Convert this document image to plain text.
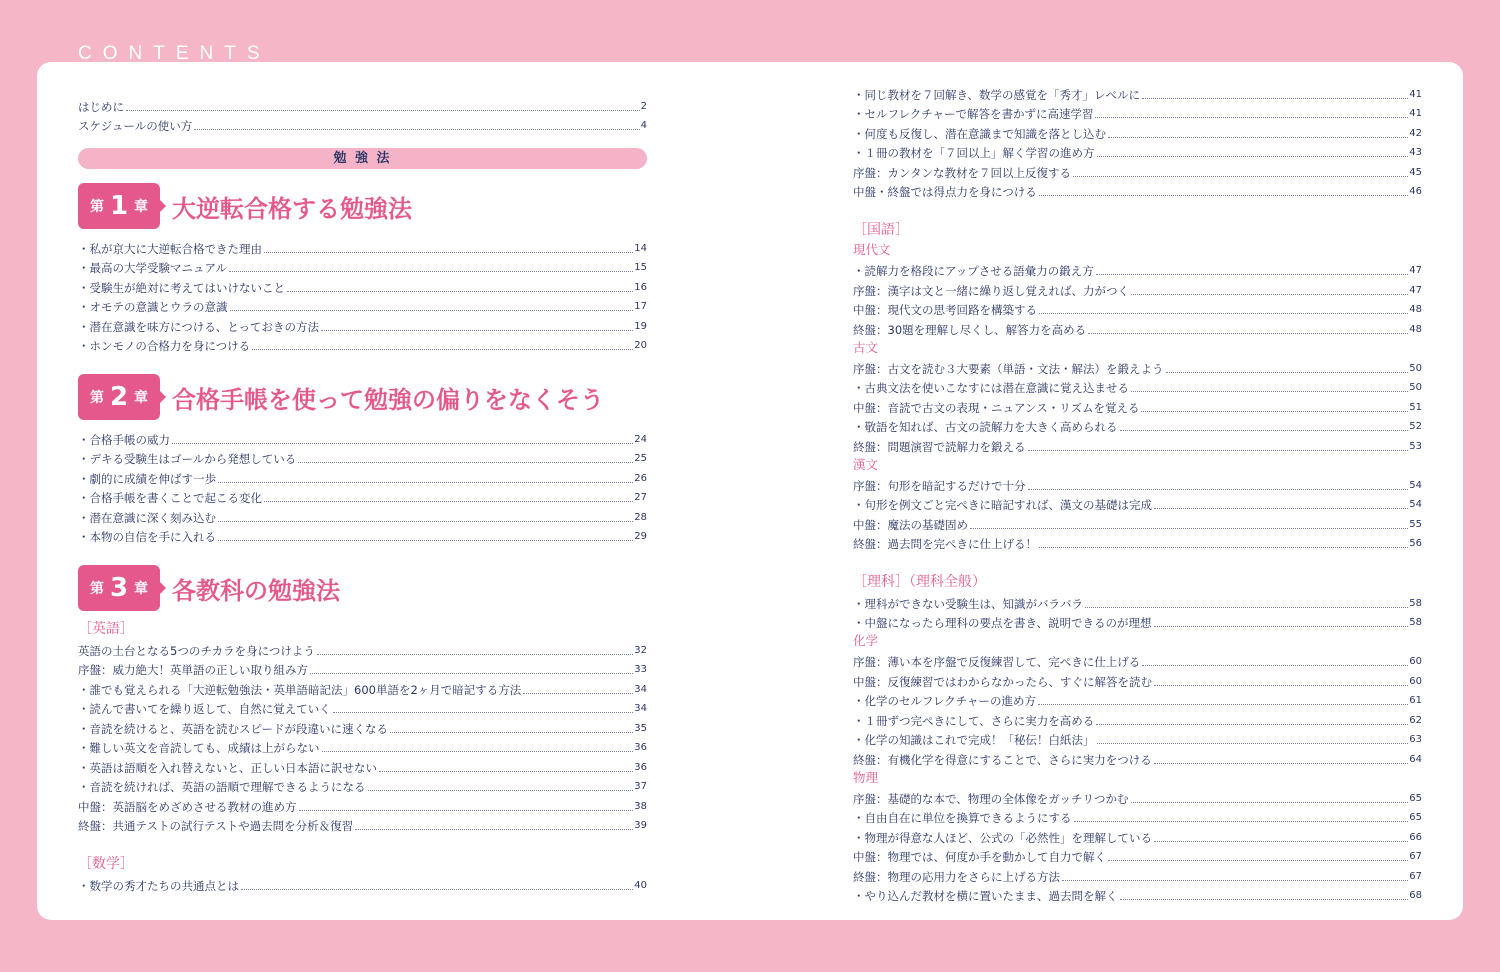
CONTENTS
はじめに	2
スケジュールの使い方	4
勉 強 法
第 1 章 大逆転合格する勉強法
・私が京大に大逆転合格できた理由	14
・最高の大学受験マニュアル	15
・受験生が絶対に考えてはいけないこと	16
・オモテの意識とウラの意識	17
・潜在意識を味方につける、とっておきの方法	19
・ホンモノの合格力を身につける	20
第 2 章 合格手帳を使って勉強の偏りをなくそう
・合格手帳の威力	24
・デキる受験生はゴールから発想している	25
・劇的に成績を伸ばす一歩	26
・合格手帳を書くことで起こる変化	27
・潜在意識に深く刻み込む	28
・本物の自信を手に入れる	29
第 3 章 各教科の勉強法
［英語］
英語の土台となる5つのチカラを身につけよう	32
序盤：威力絶大！英単語の正しい取り組み方	33
・誰でも覚えられる「大逆転勉強法・英単語暗記法」600単語を2ヶ月で暗記する方法	34
・読んで書いてを繰り返して、自然に覚えていく	34
・音読を続けると、英語を読むスピードが段違いに速くなる	35
・難しい英文を音読しても、成績は上がらない	36
・英語は語順を入れ替えないと、正しい日本語に訳せない	36
・音読を続ければ、英語の語順で理解できるようになる	37
中盤：英語脳をめざめさせる教材の進め方	38
終盤：共通テストの試行テストや過去問を分析＆復習	39
［数学］
・数学の秀才たちの共通点とは	40
・同じ教材を７回解き、数学の感覚を「秀才」レベルに	41
・セルフレクチャーで解答を書かずに高速学習	41
・何度も反復し、潜在意識まで知識を落とし込む	42
・１冊の教材を「７回以上」解く学習の進め方	43
序盤：カンタンな教材を７回以上反復する	45
中盤・終盤では得点力を身につける	46
［国語］
現代文
・読解力を格段にアップさせる語彙力の鍛え方	47
序盤：漢字は文と一緒に繰り返し覚えれば、力がつく	47
中盤：現代文の思考回路を構築する	48
終盤：30題を理解し尽くし、解答力を高める	48
古文
序盤：古文を読む３大要素（単語・文法・解法）を鍛えよう	50
・古典文法を使いこなすには潜在意識に覚え込ませる	50
中盤：音読で古文の表現・ニュアンス・リズムを覚える	51
・敬語を知れば、古文の読解力を大きく高められる	52
終盤：問題演習で読解力を鍛える	53
漢文
序盤：句形を暗記するだけで十分	54
・句形を例文ごと完ぺきに暗記すれば、漢文の基礎は完成	54
中盤：魔法の基礎固め	55
終盤：過去問を完ぺきに仕上げる！	56
［理科］（理科全般）
・理科ができない受験生は、知識がバラバラ	58
・中盤になったら理科の要点を書き、説明できるのが理想	58
化学
序盤：薄い本を序盤で反復練習して、完ぺきに仕上げる	60
中盤：反復練習ではわからなかったら、すぐに解答を読む	60
・化学のセルフレクチャーの進め方	61
・１冊ずつ完ぺきにして、さらに実力を高める	62
・化学の知識はこれで完成！「秘伝！白紙法」	63
終盤：有機化学を得意にすることで、さらに実力をつける	64
物理
序盤：基礎的な本で、物理の全体像をガッチリつかむ	65
・自由自在に単位を換算できるようにする	65
・物理が得意な人ほど、公式の「必然性」を理解している	66
中盤：物理では、何度か手を動かして自力で解く	67
終盤：物理の応用力をさらに上げる方法	67
・やり込んだ教材を横に置いたまま、過去問を解く	68
